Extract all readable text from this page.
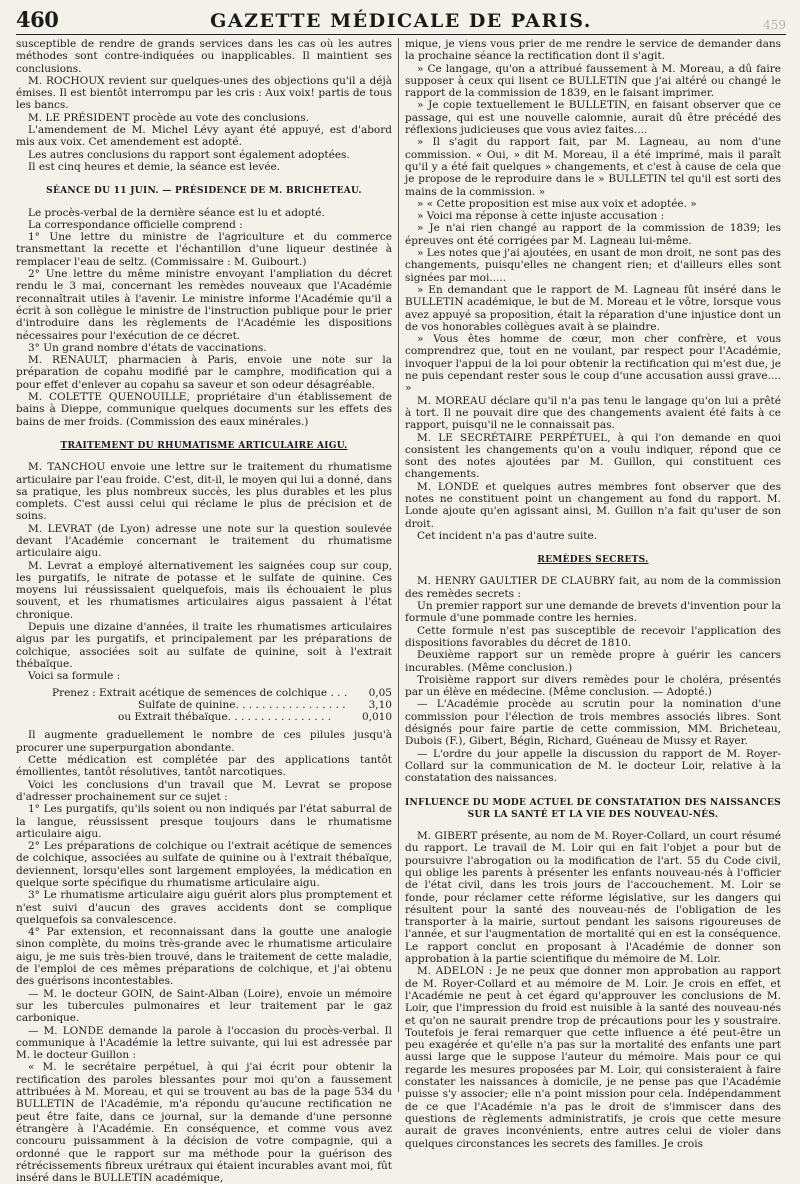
460	GAZETTE MÉDICALE DE PARIS.	459

susceptible de rendre de grands services dans les cas où les autres méthodes sont contre-indiquées ou inapplicables. Il maintient ses conclusions.

M. ROCHOUX revient sur quelques-unes des objections qu'il a déjà émises. Il est bientôt interrompu par les cris : Aux voix! partis de tous les bancs.

M. LE PRÉSIDENT procède au vote des conclusions.

L'amendement de M. Michel Lévy ayant été appuyé, est d'abord mis aux voix. Cet amendement est adopté.

Les autres conclusions du rapport sont également adoptées.

Il est cinq heures et demie, la séance est levée.

SÉANCE DU 11 JUIN. — PRÉSIDENCE DE M. BRICHETEAU.

Le procès-verbal de la dernière séance est lu et adopté.

La correspondance officielle comprend :

1° Une lettre du ministre de l'agriculture et du commerce transmettant la recette et l'échantillon d'une liqueur destinée à remplacer l'eau de seltz. (Commissaire : M. Guibourt.)

2° Une lettre du même ministre envoyant l'ampliation du décret rendu le 3 mai, concernant les remèdes nouveaux que l'Académie reconnaîtrait utiles à l'avenir. Le ministre informe l'Académie qu'il a écrit à son collègue le ministre de l'instruction publique pour le prier d'introduire dans les règlements de l'Académie les dispositions nécessaires pour l'exécution de ce décret.

3° Un grand nombre d'états de vaccinations.

M. RENAULT, pharmacien à Paris, envoie une note sur la préparation de copahu modifié par le camphre, modification qui a pour effet d'enlever au copahu sa saveur et son odeur désagréable.

M. COLETTE QUENOUILLE, propriétaire d'un établissement de bains à Dieppe, communique quelques documents sur les effets des bains de mer froids. (Commission des eaux minérales.)

TRAITEMENT DU RHUMATISME ARTICULAIRE AIGU.

M. TANCHOU envoie une lettre sur le traitement du rhumatisme articulaire par l'eau froide. C'est, dit-il, le moyen qui lui a donné, dans sa pratique, les plus nombreux succès, les plus durables et les plus complets. C'est aussi celui qui réclame le plus de précision et de soins.

M. LEVRAT (de Lyon) adresse une note sur la question soulevée devant l'Académie concernant le traitement du rhumatisme articulaire aigu.

M. Levrat a employé alternativement les saignées coup sur coup, les purgatifs, le nitrate de potasse et le sulfate de quinine. Ces moyens lui réussissaient quelquefois, mais ils échouaient le plus souvent, et les rhumatismes articulaires aigus passaient à l'état chronique.

Depuis une dizaine d'années, il traite les rhumatismes articulaires aigus par les purgatifs, et principalement par les préparations de colchique, associées soit au sulfate de quinine, soit à l'extrait thébaïque.

Voici sa formule :

Prenez : Extrait acétique de semences de colchique . . .	0,05
Sulfate de quinine. . . . . . . . . . . . . . . . .	3,10
ou Extrait thébaïque. . . . . . . . . . . . . . . .	0,010

Il augmente graduellement le nombre de ces pilules jusqu'à procurer une superpurgation abondante.

Cette médication est complétée par des applications tantôt émollientes, tantôt résolutives, tantôt narcotiques.

Voici les conclusions d'un travail que M. Levrat se propose d'adresser prochainement sur ce sujet :

1° Les purgatifs, qu'ils soient ou non indiqués par l'état saburral de la langue, réussissent presque toujours dans le rhumatisme articulaire aigu.

2° Les préparations de colchique ou l'extrait acétique de semences de colchique, associées au sulfate de quinine ou à l'extrait thébaïque, deviennent, lorsqu'elles sont largement employées, la médication en quelque sorte spécifique du rhumatisme articulaire aigu.

3° Le rhumatisme articulaire aigu guérit alors plus promptement et n'est suivi d'aucun des graves accidents dont se complique quelquefois sa convalescence.

4° Par extension, et reconnaissant dans la goutte une analogie sinon complète, du moins très-grande avec le rhumatisme articulaire aigu, je me suis très-bien trouvé, dans le traitement de cette maladie, de l'emploi de ces mêmes préparations de colchique, et j'ai obtenu des guérisons incontestables.

— M. le docteur GOIN, de Saint-Alban (Loire), envoie un mémoire sur les tubercules pulmonaires et leur traitement par le gaz carbonique.

— M. LONDE demande la parole à l'occasion du procès-verbal. Il communique à l'Académie la lettre suivante, qui lui est adressée par M. le docteur Guillon :

« M. le secrétaire perpétuel, à qui j'ai écrit pour obtenir la rectification des paroles blessantes pour moi qu'on a faussement attribuées à M. Moreau, et qui se trouvent au bas de la page 534 du BULLETIN de l'Académie, m'a répondu qu'aucune rectification ne peut être faite, dans ce journal, sur la demande d'une personne étrangère à l'Académie. En conséquence, et comme vous avez concouru puissamment à la décision de votre compagnie, qui a ordonné que le rapport sur ma méthode pour la guérison des rétrécissements fibreux urétraux qui étaient incurables avant moi, fût inséré dans le BULLETIN académique,

mique, je viens vous prier de me rendre le service de demander dans la prochaine séance la rectification dont il s'agit.

» Ce langage, qu'on a attribué faussement à M. Moreau, a dû faire supposer à ceux qui lisent ce BULLETIN que j'ai altéré ou changé le rapport de la commission de 1839, en le faisant imprimer.

» Je copie textuellement le BULLETIN, en faisant observer que ce passage, qui est une nouvelle calomnie, aurait dû être précédé des réflexions judicieuses que vous aviez faites....

» Il s'agit du rapport fait, par M. Lagneau, au nom d'une commission. « Oui, » dit M. Moreau, il a été imprimé, mais il paraît qu'il y a été fait quelques » changements, et c'est à cause de cela que je propose de le reproduire dans le » BULLETIN tel qu'il est sorti des mains de la commission. »

» « Cette proposition est mise aux voix et adoptée. »

» Voici ma réponse à cette injuste accusation :

» Je n'ai rien changé au rapport de la commission de 1839; les épreuves ont été corrigées par M. Lagneau lui-même.

» Les notes que j'ai ajoutées, en usant de mon droit, ne sont pas des changements, puisqu'elles ne changent rien; et d'ailleurs elles sont signées par moi.....

» En demandant que le rapport de M. Lagneau fût inséré dans le BULLETIN académique, le but de M. Moreau et le vôtre, lorsque vous avez appuyé sa proposition, était la réparation d'une injustice dont un de vos honorables collègues avait à se plaindre.

» Vous êtes homme de cœur, mon cher confrère, et vous comprendrez que, tout en ne voulant, par respect pour l'Académie, invoquer l'appui de la loi pour obtenir la rectification qui m'est due, je ne puis cependant rester sous le coup d'une accusation aussi grave.... »

M. MOREAU déclare qu'il n'a pas tenu le langage qu'on lui a prêté à tort. Il ne pouvait dire que des changements avaient été faits à ce rapport, puisqu'il ne le connaissait pas.

M. LE SECRÉTAIRE PERPÉTUEL, à qui l'on demande en quoi consistent les changements qu'on a voulu indiquer, répond que ce sont des notes ajoutées par M. Guillon, qui constituent ces changements.

M. LONDE et quelques autres membres font observer que des notes ne constituent point un changement au fond du rapport. M. Londe ajoute qu'en agissant ainsi, M. Guillon n'a fait qu'user de son droit.

Cet incident n'a pas d'autre suite.

REMÈDES SECRETS.

M. HENRY GAULTIER DE CLAUBRY fait, au nom de la commission des remèdes secrets :

Un premier rapport sur une demande de brevets d'invention pour la formule d'une pommade contre les hernies.

Cette formule n'est pas susceptible de recevoir l'application des dispositions favorables du décret de 1810.

Deuxième rapport sur un remède propre à guérir les cancers incurables. (Même conclusion.)

Troisième rapport sur divers remèdes pour le choléra, présentés par un élève en médecine. (Même conclusion. — Adopté.)

— L'Académie procède au scrutin pour la nomination d'une commission pour l'élection de trois membres associés libres. Sont désignés pour faire partie de cette commission, MM. Bricheteau, Dubois (F.), Gibert, Bégin, Richard, Guéneau de Mussy et Rayer.

— L'ordre du jour appelle la discussion du rapport de M. Royer-Collard sur la communication de M. le docteur Loir, relative à la constatation des naissances.

INFLUENCE DU MODE ACTUEL DE CONSTATATION DES NAISSANCES SUR LA SANTÉ ET LA VIE DES NOUVEAU-NÉS.

M. GIBERT présente, au nom de M. Royer-Collard, un court résumé du rapport. Le travail de M. Loir qui en fait l'objet a pour but de poursuivre l'abrogation ou la modification de l'art. 55 du Code civil, qui oblige les parents à présenter les enfants nouveau-nés à l'officier de l'état civil, dans les trois jours de l'accouchement. M. Loir se fonde, pour réclamer cette réforme législative, sur les dangers qui résultent pour la santé des nouveau-nés de l'obligation de les transporter à la mairie, surtout pendant les saisons rigoureuses de l'année, et sur l'augmentation de mortalité qui en est la conséquence. Le rapport conclut en proposant à l'Académie de donner son approbation à la partie scientifique du mémoire de M. Loir.

M. ADELON : Je ne peux que donner mon approbation au rapport de M. Royer-Collard et au mémoire de M. Loir. Je crois en effet, et l'Académie ne peut à cet égard qu'approuver les conclusions de M. Loir, que l'impression du froid est nuisible à la santé des nouveau-nés et qu'on ne saurait prendre trop de précautions pour les y soustraire. Toutefois je ferai remarquer que cette influence a été peut-être un peu exagérée et qu'elle n'a pas sur la mortalité des enfants une part aussi large que le suppose l'auteur du mémoire. Mais pour ce qui regarde les mesures proposées par M. Loir, qui consisteraient à faire constater les naissances à domicile, je ne pense pas que l'Académie puisse s'y associer; elle n'a point mission pour cela. Indépendamment de ce que l'Académie n'a pas le droit de s'immiscer dans des questions de règlements administratifs, je crois que cette mesure aurait de graves inconvénients, entre autres celui de violer dans quelques circonstances les secrets des familles. Je crois
